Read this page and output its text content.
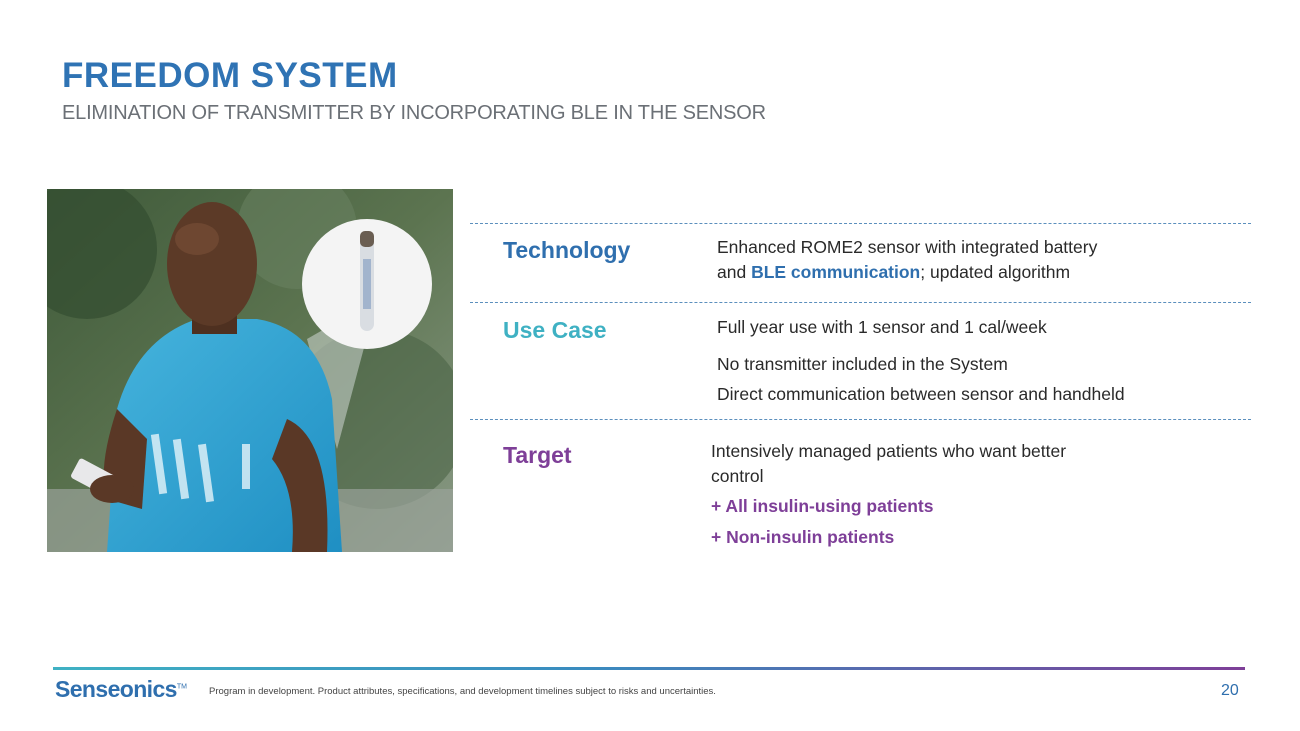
FREEDOM SYSTEM
ELIMINATION OF TRANSMITTER BY INCORPORATING BLE IN THE SENSOR
Technology	Enhanced ROME2 sensor with integrated battery
and BLE communication; updated algorithm
Use Case	Full year use with 1 sensor and 1 cal/week
No transmitter included in the System
Direct communication between sensor and handheld
Target	Intensively managed patients who want better
control
+ All insulin-using patients
+ Non-insulin patients
Senseonics™ Program in development. Product attributes, specifications, and development timelines subject to risks and uncertainties.	20
